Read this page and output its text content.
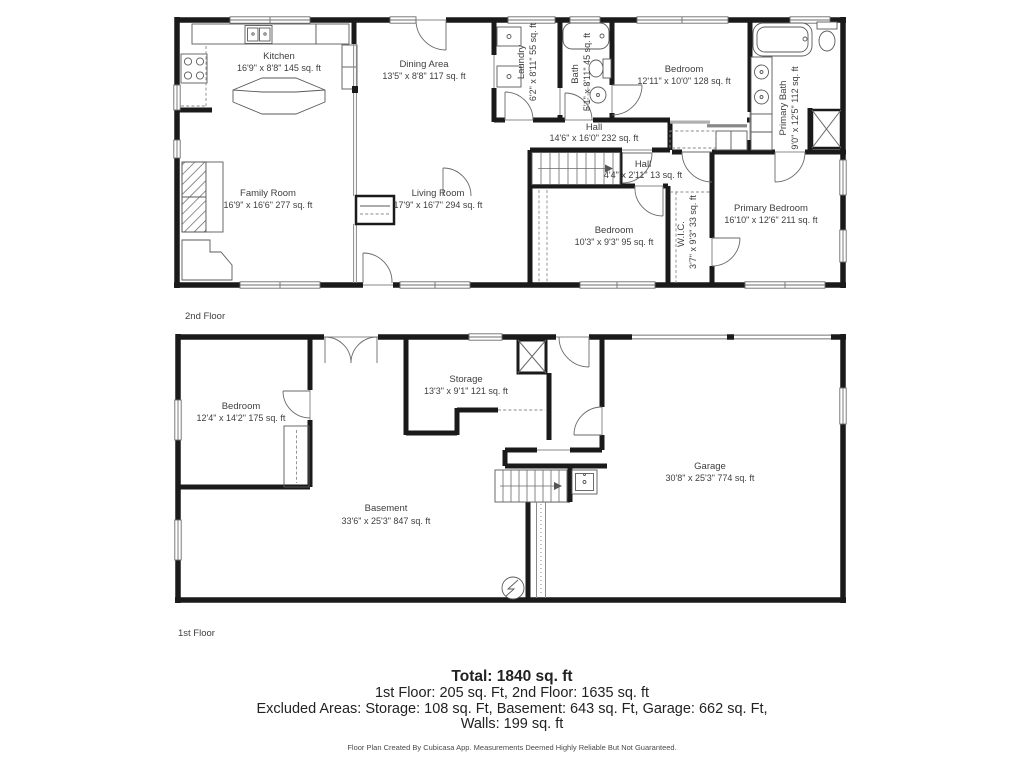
Kitchen
16'9" x 8'8" 145 sq. ft	Dining Area
13'5" x 8'8" 117 sq. ft	Laundry 6'2" x 8'11" 55 sq. ft	Bath 5'1" x 8'11" 45 sq. ft	Bedroom
12'11" x 10'0" 128 sq. ft	Primary Bath 9'0" x 12'5" 112 sq. ft
Hall
14'6" x 16'0" 232 sq. ft
Hall
4'4" x 2'11" 13 sq. ft
Family Room
16'9" x 16'6" 277 sq. ft
Living Room
17'9" x 16'7" 294 sq. ft
Bedroom
10'3" x 9'3" 95 sq. ft W.I.C. 3'7" x 9'3" 33 sq. ft	Primary Bedroom
16'10" x 12'6" 211 sq. ft
2nd Floor
Bedroom
12'4" x 14'2" 175 sq. ft
Storage
13'3" x 9'1" 121 sq. ft
Basement
33'6" x 25'3" 847 sq. ft
Garage
30'8" x 25'3" 774 sq. ft
1st Floor
Total: 1840 sq. ft
1st Floor: 205 sq. Ft, 2nd Floor: 1635 sq. ft
Excluded Areas: Storage: 108 sq. Ft, Basement: 643 sq. Ft, Garage: 662 sq. Ft,
Walls: 199 sq. ft
Floor Plan Created By Cubicasa App. Measurements Deemed Highly Reliable But Not Guaranteed.
